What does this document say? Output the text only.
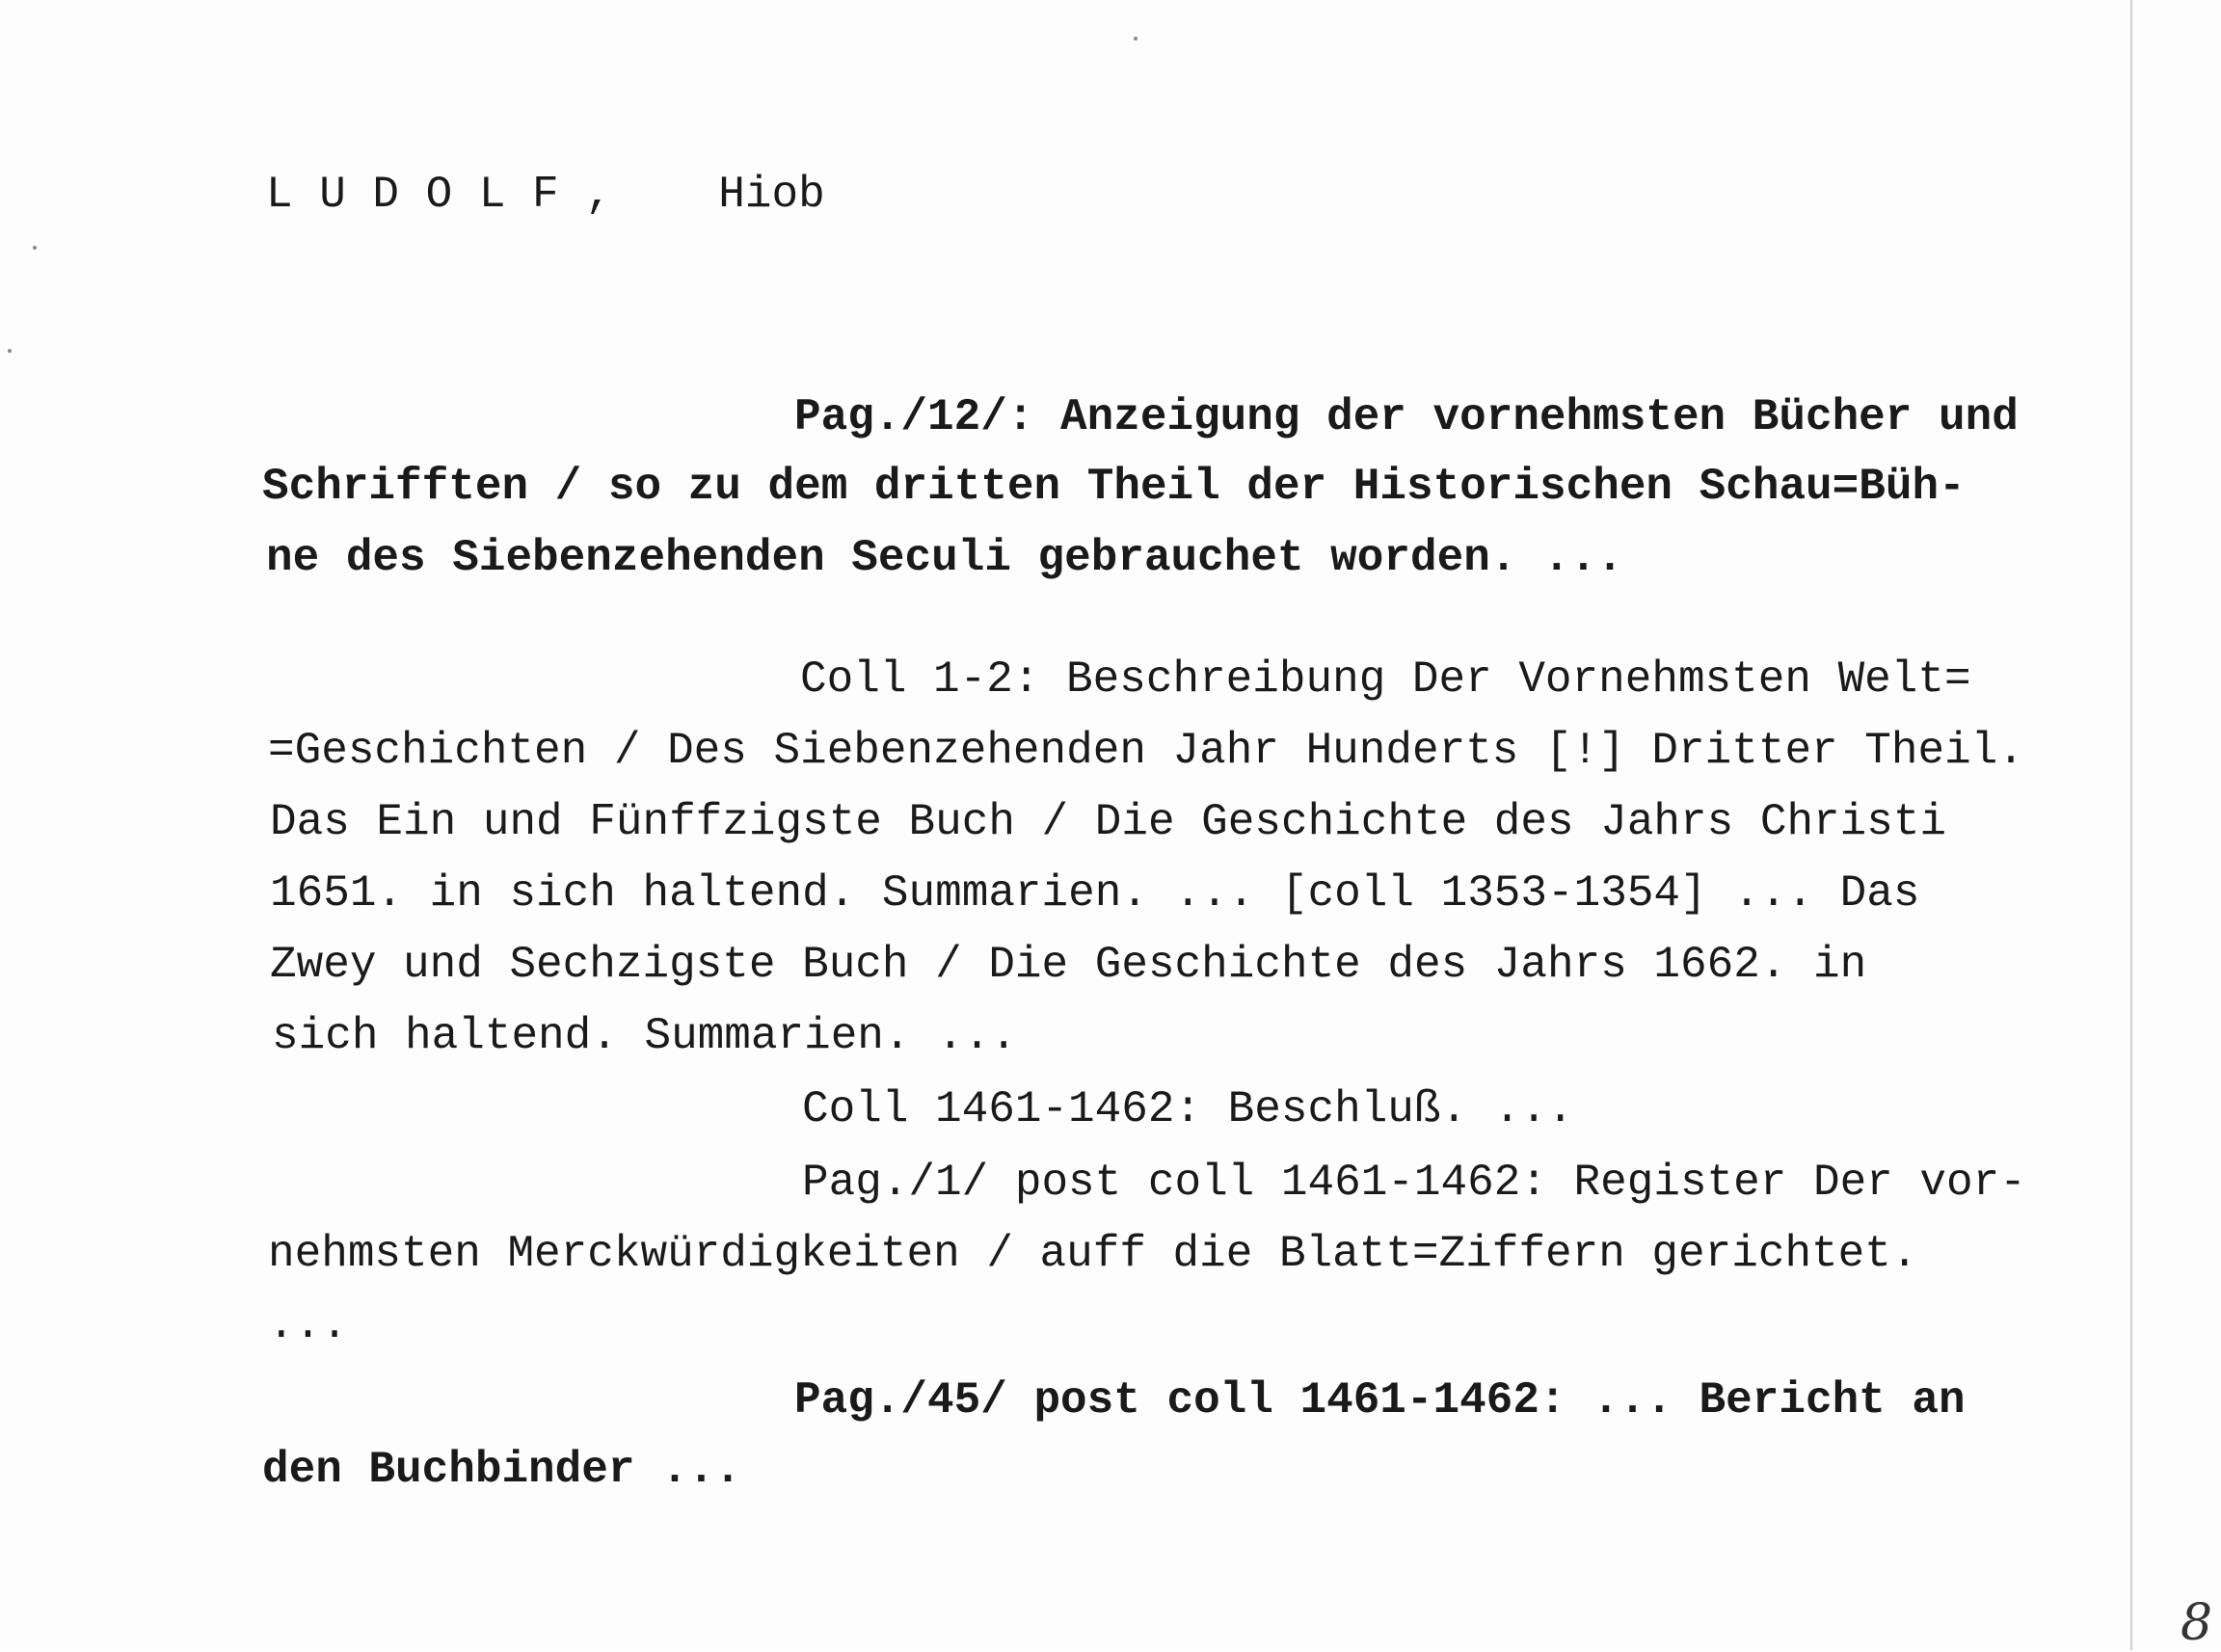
L U D O L F , Hiob
Pag./12/: Anzeigung der vornehmsten Bücher und
Schrifften / so zu dem dritten Theil der Historischen Schau=Büh-
ne des Siebenzehenden Seculi gebrauchet worden. ...
Coll 1-2: Beschreibung Der Vornehmsten Welt=
=Geschichten / Des Siebenzehenden Jahr Hunderts [!] Dritter Theil.
Das Ein und Fünffzigste Buch / Die Geschichte des Jahrs Christi
1651. in sich haltend. Summarien. ... [coll 1353-1354] ... Das
Zwey und Sechzigste Buch / Die Geschichte des Jahrs 1662. in
sich haltend. Summarien. ...
Coll 1461-1462: Beschluß. ...
Pag./1/ post coll 1461-1462: Register Der vor-
nehmsten Merckwürdigkeiten / auff die Blatt=Ziffern gerichtet.
...
Pag./45/ post coll 1461-1462: ... Bericht an
den Buchbinder ...
8
